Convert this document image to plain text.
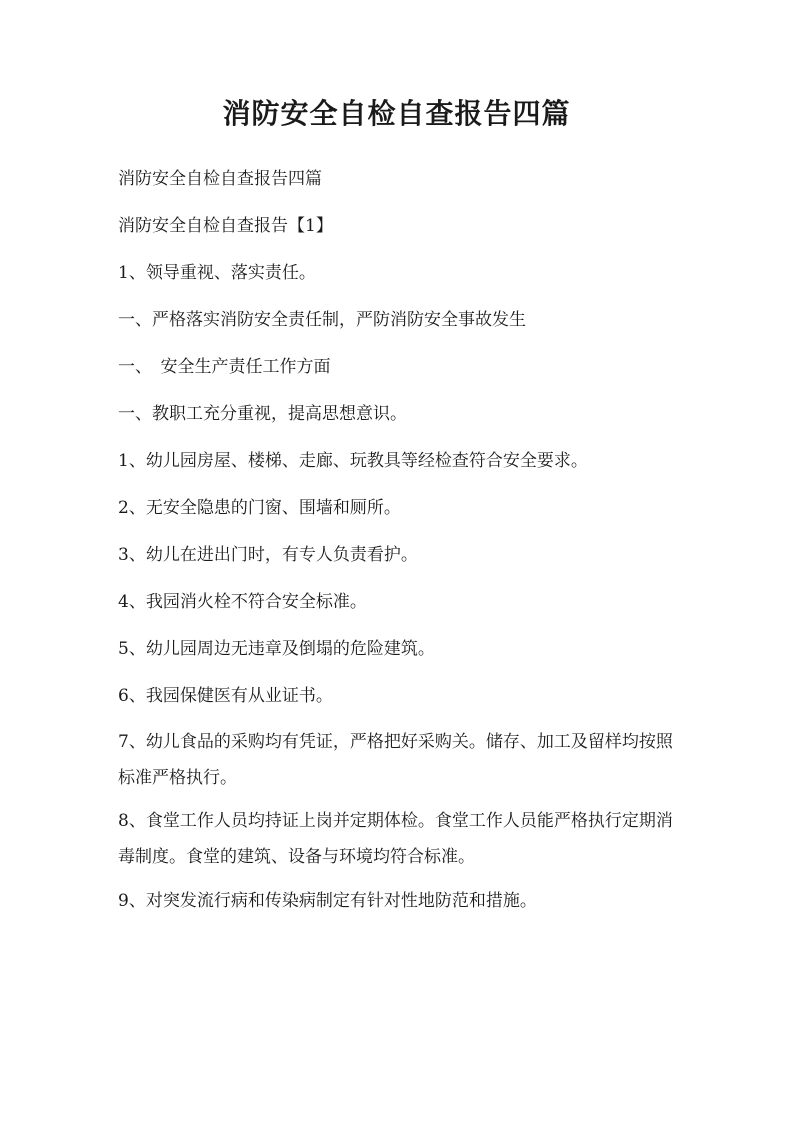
消防安全自检自查报告四篇

消防安全自检自查报告四篇

消防安全自检自查报告【1】

1、领导重视、落实责任。

一、严格落实消防安全责任制，严防消防安全事故发生

一、　安全生产责任工作方面

一、教职工充分重视，提高思想意识。

1、幼儿园房屋、楼梯、走廊、玩教具等经检查符合安全要求。

2、无安全隐患的门窗、围墙和厕所。

3、幼儿在进出门时，有专人负责看护。

4、我园消火栓不符合安全标准。

5、幼儿园周边无违章及倒塌的危险建筑。

6、我园保健医有从业证书。

7、幼儿食品的采购均有凭证，严格把好采购关。储存、加工及留样均按照标准严格执行。

8、食堂工作人员均持证上岗并定期体检。食堂工作人员能严格执行定期消毒制度。食堂的建筑、设备与环境均符合标准。

9、对突发流行病和传染病制定有针对性地防范和措施。
